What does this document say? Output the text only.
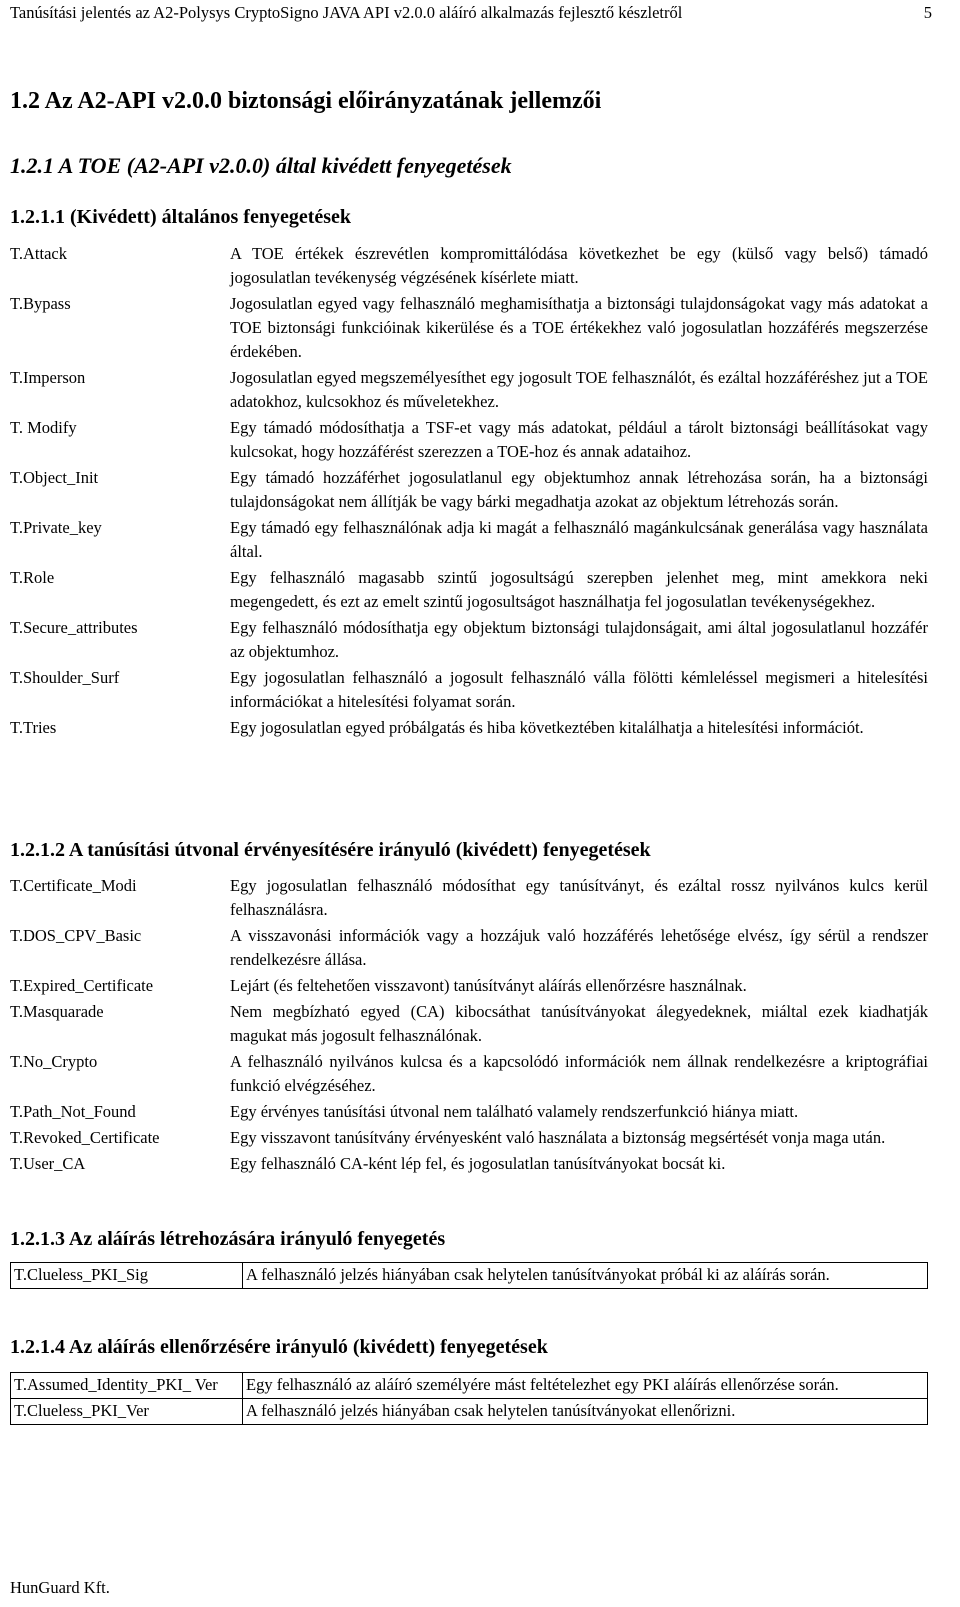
Tanúsítási jelentés az A2-Polysys CryptoSigno JAVA API v2.0.0 aláíró alkalmazás fejlesztő készletről	5
1.2 Az A2-API v2.0.0 biztonsági előirányzatának jellemzői
1.2.1 A TOE (A2-API v2.0.0) által kivédett fenyegetések
1.2.1.1 (Kivédett) általános fenyegetések
T.Attack	A TOE értékek észrevétlen kompromittálódása következhet be egy (külső vagy belső) támadó jogosulatlan tevékenység végzésének kísérlete miatt.
T.Bypass	Jogosulatlan egyed vagy felhasználó meghamisíthatja a biztonsági tulajdonságokat vagy más adatokat a TOE biztonsági funkcióinak kikerülése és a TOE értékekhez való jogosulatlan hozzáférés megszerzése érdekében.
T.Imperson	Jogosulatlan egyed megszemélyesíthet egy jogosult TOE felhasználót, és ezáltal hozzáféréshez jut a TOE adatokhoz, kulcsokhoz és műveletekhez.
T. Modify	Egy támadó módosíthatja a TSF-et vagy más adatokat, például a tárolt biztonsági beállításokat vagy kulcsokat, hogy hozzáférést szerezzen a TOE-hoz és annak adataihoz.
T.Object_Init	Egy támadó hozzáférhet jogosulatlanul egy objektumhoz annak létrehozása során, ha a biztonsági tulajdonságokat nem állítják be vagy bárki megadhatja azokat az objektum létrehozás során.
T.Private_key	Egy támadó egy felhasználónak adja ki magát a felhasználó magánkulcsának generálása vagy használata által.
T.Role	Egy felhasználó magasabb szintű jogosultságú szerepben jelenhet meg, mint amekkora neki megengedett, és ezt az emelt szintű jogosultságot használhatja fel jogosulatlan tevékenységekhez.
T.Secure_attributes	Egy felhasználó módosíthatja egy objektum biztonsági tulajdonságait, ami által jogosulatlanul hozzáfér az objektumhoz.
T.Shoulder_Surf	Egy jogosulatlan felhasználó a jogosult felhasználó válla fölötti kémleléssel megismeri a hitelesítési információkat a hitelesítési folyamat során.
T.Tries	Egy jogosulatlan egyed próbálgatás és hiba következtében kitalálhatja a hitelesítési információt.
1.2.1.2 A tanúsítási útvonal érvényesítésére irányuló (kivédett) fenyegetések
T.Certificate_Modi	Egy jogosulatlan felhasználó módosíthat egy tanúsítványt, és ezáltal rossz nyilvános kulcs kerül felhasználásra.
T.DOS_CPV_Basic	A visszavonási információk vagy a hozzájuk való hozzáférés lehetősége elvész, így sérül a rendszer rendelkezésre állása.
T.Expired_Certificate	Lejárt (és feltehetően visszavont) tanúsítványt aláírás ellenőrzésre használnak.
T.Masquarade	Nem megbízható egyed (CA) kibocsáthat tanúsítványokat álegyedeknek, miáltal ezek kiadhatják magukat más jogosult felhasználónak.
T.No_Crypto	A felhasználó nyilvános kulcsa és a kapcsolódó információk nem állnak rendelkezésre a kriptográfiai funkció elvégzéséhez.
T.Path_Not_Found	Egy érvényes tanúsítási útvonal nem található valamely rendszerfunkció hiánya miatt.
T.Revoked_Certificate	Egy visszavont tanúsítvány érvényesként való használata a biztonság megsértését vonja maga után.
T.User_CA	Egy felhasználó CA-ként lép fel, és jogosulatlan tanúsítványokat bocsát ki.
1.2.1.3 Az aláírás létrehozására irányuló fenyegetés
T.Clueless_PKI_Sig	A felhasználó jelzés hiányában csak helytelen tanúsítványokat próbál ki az aláírás során.
1.2.1.4 Az aláírás ellenőrzésére irányuló (kivédett) fenyegetések
T.Assumed_Identity_PKI_ Ver	Egy felhasználó az aláíró személyére mást feltételezhet egy PKI aláírás ellenőrzése során.
T.Clueless_PKI_Ver	A felhasználó jelzés hiányában csak helytelen tanúsítványokat ellenőrizni.
HunGuard Kft.
